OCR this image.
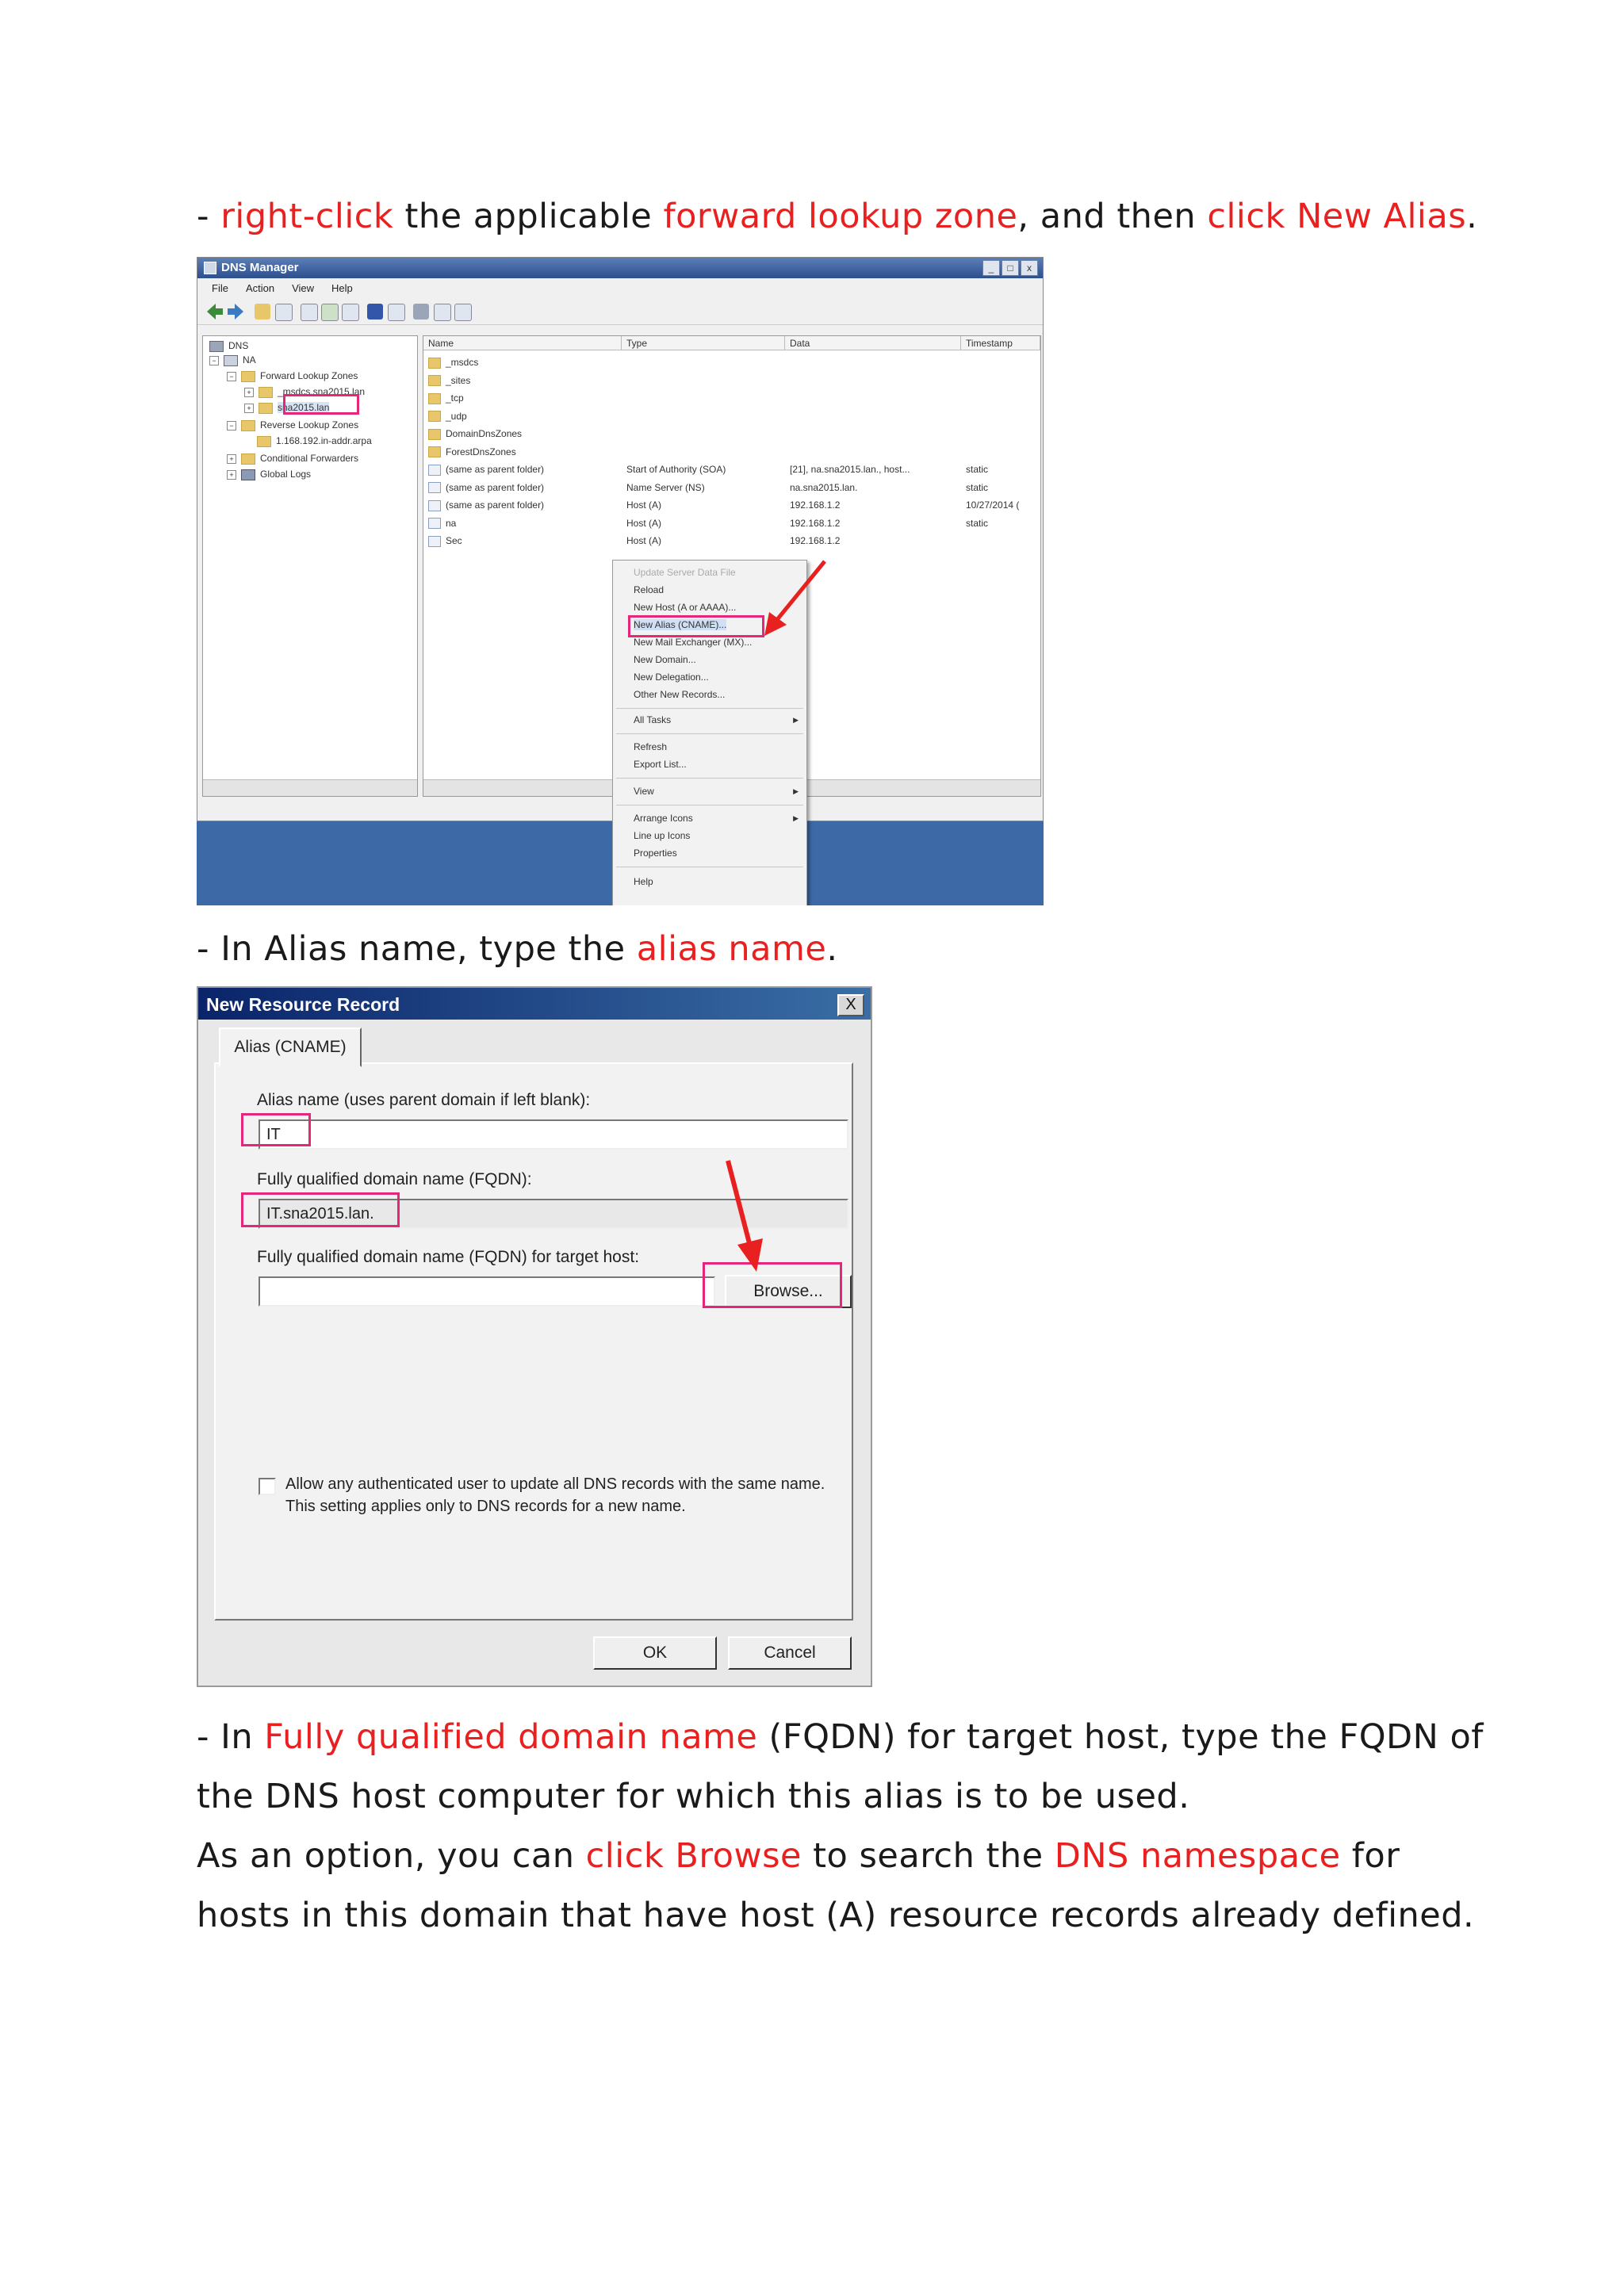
- right-click the applicable forward lookup zone, and then click New Alias.
DNS Manager	_	□	x
File Action View Help
DNS
−	NA
−	Forward Lookup Zones
+	_msdcs.sna2015.lan
+	sna2015.lan
−	Reverse Lookup Zones
1.168.192.in-addr.arpa
+	Conditional Forwarders
+	Global Logs
Name	Type	Data	Timestamp
_msdcs
_sites
_tcp
_udp
DomainDnsZones
ForestDnsZones
(same as parent folder)	Start of Authority (SOA)	[21], na.sna2015.lan., host...	static
(same as parent folder)	Name Server (NS)	na.sna2015.lan.	static
(same as parent folder)	Host (A)	192.168.1.2	10/27/2014 (
na	Host (A)	192.168.1.2	static
Sec	Host (A)	192.168.1.2
Update Server Data File
Reload
New Host (A or AAAA)...
New Alias (CNAME)...
New Mail Exchanger (MX)...
New Domain...
New Delegation...
Other New Records...
All Tasks	▶
Refresh
Export List...
View	▶
Arrange Icons	▶
Line up Icons
Properties
Help
- In Alias name, type the alias name.
New Resource Record	X
Alias name (uses parent domain if left blank):
IT
Fully qualified domain name (FQDN):
IT.sna2015.lan.
Fully qualified domain name (FQDN) for target host:
Browse...
Allow any authenticated user to update all DNS records with the same name. This setting applies only to DNS records for a new name.
Alias (CNAME)
OK	Cancel
- In Fully qualified domain name (FQDN) for target host, type the FQDN of
the DNS host computer for which this alias is to be used.
As an option, you can click Browse to search the DNS namespace for
hosts in this domain that have host (A) resource records already defined.
